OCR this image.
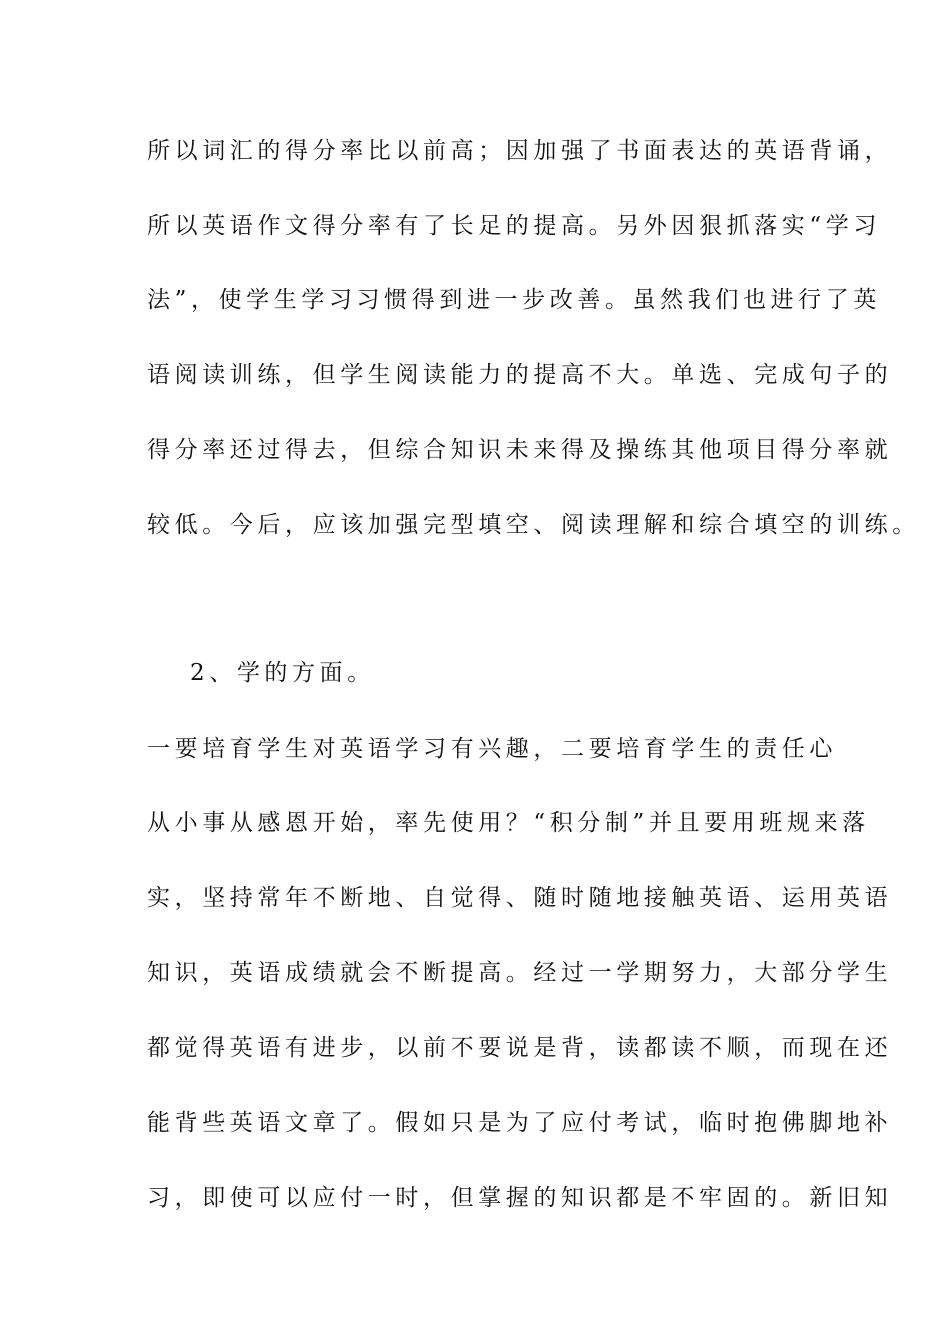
所以词汇的得分率比以前高；因加强了书面表达的英语背诵，

所以英语作文得分率有了长足的提高。另外因狠抓落实“学习

法”，使学生学习习惯得到进一步改善。虽然我们也进行了英

语阅读训练，但学生阅读能力的提高不大。单选、完成句子的

得分率还过得去，但综合知识未来得及操练其他项目得分率就

较低。今后，应该加强完型填空、阅读理解和综合填空的训练。

2、学的方面。

一要培育学生对英语学习有兴趣，二要培育学生的责任心

从小事从感恩开始，率先使用？“积分制”并且要用班规来落

实，坚持常年不断地、自觉得、随时随地接触英语、运用英语

知识，英语成绩就会不断提高。经过一学期努力，大部分学生

都觉得英语有进步，以前不要说是背，读都读不顺，而现在还

能背些英语文章了。假如只是为了应付考试，临时抱佛脚地补

习，即使可以应付一时，但掌握的知识都是不牢固的。新旧知
